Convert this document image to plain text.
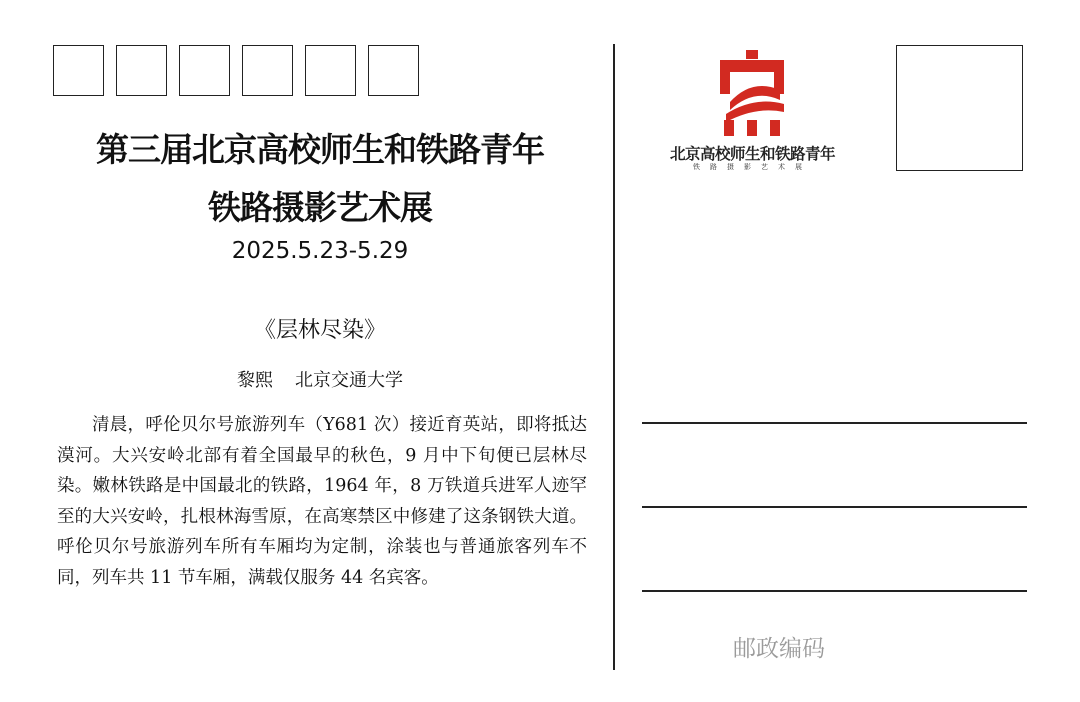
第三届北京高校师生和铁路青年
铁路摄影艺术展
2025.5.23-5.29
《层林尽染》
黎熙 北京交通大学

清晨，呼伦贝尔号旅游列车（Y681 次）接近育英站，即将抵达漠河。大兴安岭北部有着全国最早的秋色，9 月中下旬便已层林尽染。嫩林铁路是中国最北的铁路，1964 年，8 万铁道兵进军人迹罕至的大兴安岭，扎根林海雪原，在高寒禁区中修建了这条钢铁大道。呼伦贝尔号旅游列车所有车厢均为定制，涂装也与普通旅客列车不同，列车共 11 节车厢，满载仅服务 44 名宾客。

北京高校师生和铁路青年
铁路摄影艺术展
邮政编码
